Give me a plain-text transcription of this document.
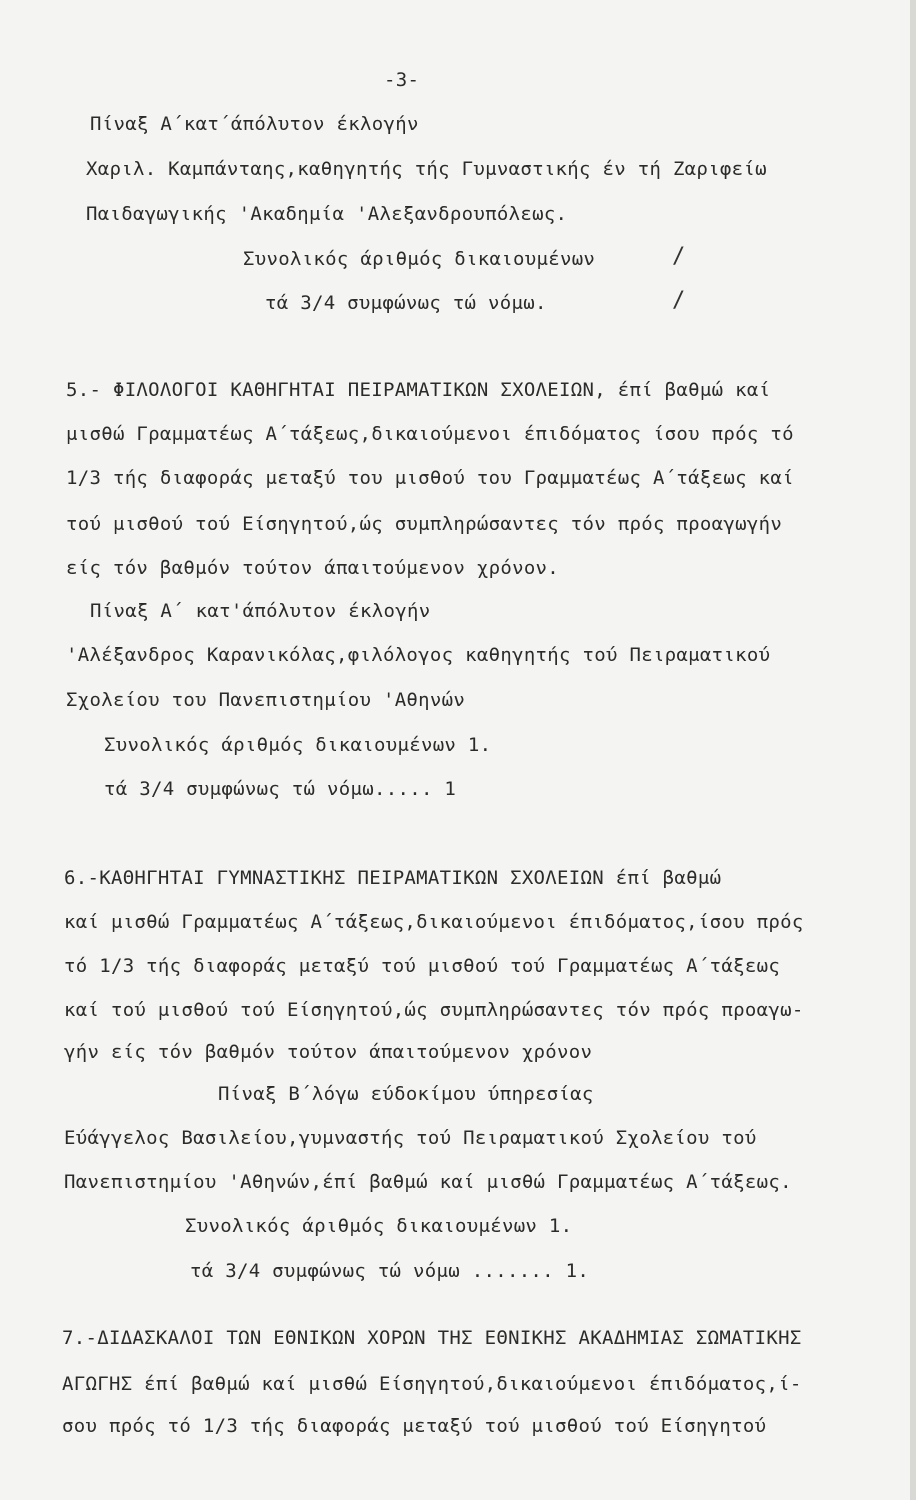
-3-
Πίναξ Α΄κατ΄άπόλυτον έκλογήν
Χαριλ. Καμπάνταης,καθηγητής τής Γυμναστικής έν τή Ζαριφείω
Παιδαγωγικής 'Ακαδημία 'Αλεξανδρουπόλεως.
Συνολικός άριθμός δικαιουμένων	/
τά 3/4 συμφώνως τώ νόμω.	/
5.- ΦΙΛΟΛΟΓΟΙ ΚΑΘΗΓΗΤΑΙ ΠΕΙΡΑΜΑΤΙΚΩΝ ΣΧΟΛΕΙΩΝ, έπί βαθμώ καί
μισθώ Γραμματέως Α΄τάξεως,δικαιούμενοι έπιδόματος ίσου πρός τό
1/3 τής διαφοράς μεταξύ του μισθού του Γραμματέως Α΄τάξεως καί
τού μισθού τού Είσηγητού,ώς συμπληρώσαντες τόν πρός προαγωγήν
είς τόν βαθμόν τούτον άπαιτούμενον χρόνον.
Πίναξ Α΄ κατ'άπόλυτον έκλογήν
'Αλέξανδρος Καρανικόλας,φιλόλογος καθηγητής τού Πειραματικού
Σχολείου του Πανεπιστημίου 'Αθηνών
Συνολικός άριθμός δικαιουμένων 1.
τά 3/4 συμφώνως τώ νόμω..... 1
6.-ΚΑΘΗΓΗΤΑΙ ΓΥΜΝΑΣΤΙΚΗΣ ΠΕΙΡΑΜΑΤΙΚΩΝ ΣΧΟΛΕΙΩΝ έπί βαθμώ
καί μισθώ Γραμματέως Α΄τάξεως,δικαιούμενοι έπιδόματος,ίσου πρός
τό 1/3 τής διαφοράς μεταξύ τού μισθού τού Γραμματέως Α΄τάξεως
καί τού μισθού τού Είσηγητού,ώς συμπληρώσαντες τόν πρός προαγω-
γήν είς τόν βαθμόν τούτον άπαιτούμενον χρόνον
Πίναξ Β΄λόγω εύδοκίμου ύπηρεσίας
Εύάγγελος Βασιλείου,γυμναστής τού Πειραματικού Σχολείου τού
Πανεπιστημίου 'Αθηνών,έπί βαθμώ καί μισθώ Γραμματέως Α΄τάξεως.
Συνολικός άριθμός δικαιουμένων 1.
τά 3/4 συμφώνως τώ νόμω ....... 1.
7.-ΔΙΔΑΣΚΑΛΟΙ ΤΩΝ ΕΘΝΙΚΩΝ ΧΟΡΩΝ ΤΗΣ ΕΘΝΙΚΗΣ ΑΚΑΔΗΜΙΑΣ ΣΩΜΑΤΙΚΗΣ
ΑΓΩΓΗΣ έπί βαθμώ καί μισθώ Είσηγητού,δικαιούμενοι έπιδόματος,ί-
σου πρός τό 1/3 τής διαφοράς μεταξύ τού μισθού τού Είσηγητού
